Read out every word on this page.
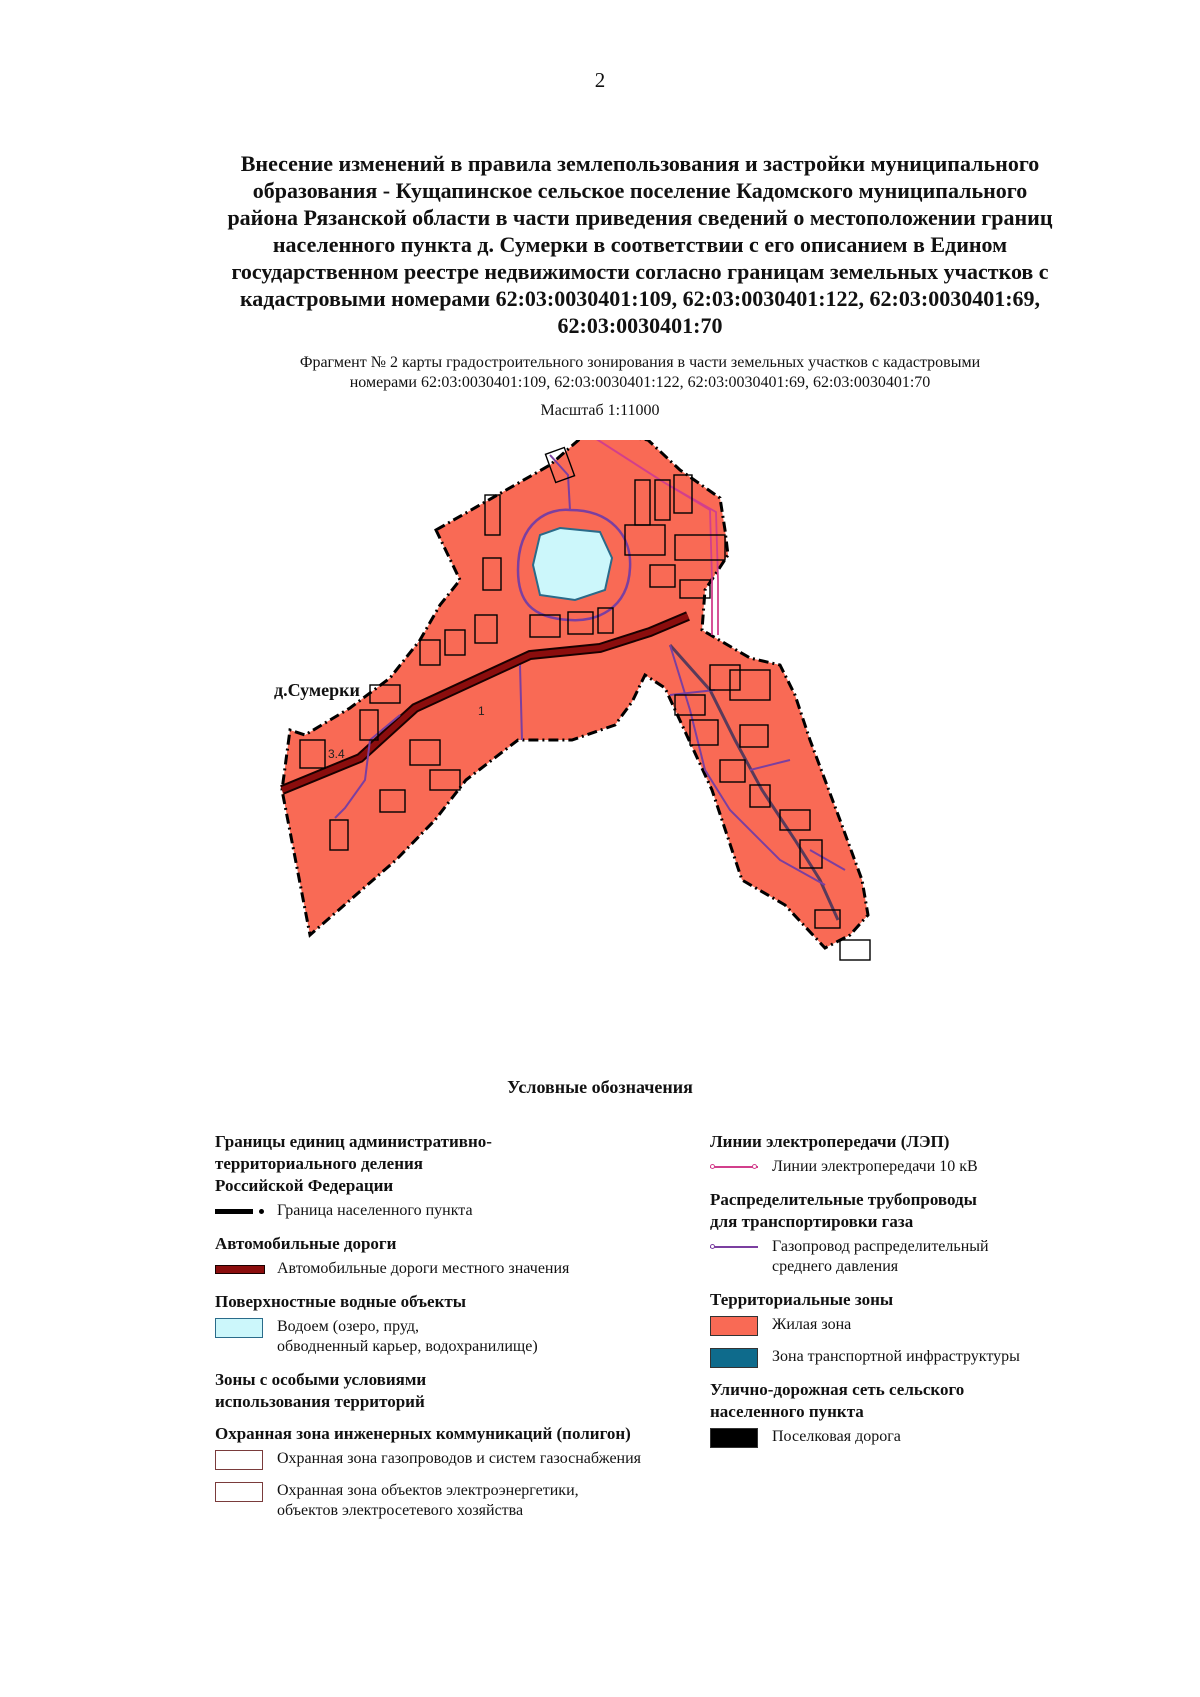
2
Внесение изменений в правила землепользования и застройки муниципального
образования - Кущапинское сельское поселение Кадомского муниципального
района Рязанской области в части приведения сведений о местоположении границ
населенного пункта д. Сумерки в соответствии с его описанием в Едином
государственном реестре недвижимости согласно границам земельных участков с
кадастровыми номерами 62:03:0030401:109, 62:03:0030401:122, 62:03:0030401:69,
62:03:0030401:70
Фрагмент № 2 карты градостроительного зонирования в части земельных участков с кадастровыми
номерами 62:03:0030401:109, 62:03:0030401:122, 62:03:0030401:69, 62:03:0030401:70
Масштаб 1:11000
1
3.4
д.Сумерки
Условные обозначения
Границы единиц административно-
территориального деления
Российской Федерации
Граница населенного пункта
Автомобильные дороги
Автомобильные дороги местного значения
Поверхностные водные объекты
Водоем (озеро, пруд,
обводненный карьер, водохранилище)
Зоны с особыми условиями
использования территорий
Охранная зона инженерных коммуникаций (полигон)
Охранная зона газопроводов и систем газоснабжения
Охранная зона объектов электроэнергетики,
объектов электросетевого хозяйства
Линии электропередачи (ЛЭП)
Линии электропередачи 10 кВ
Распределительные трубопроводы
для транспортировки газа
Газопровод распределительный
среднего давления
Территориальные зоны
Жилая зона
Зона транспортной инфраструктуры
Улично-дорожная сеть сельского
населенного пункта
Поселковая дорога
